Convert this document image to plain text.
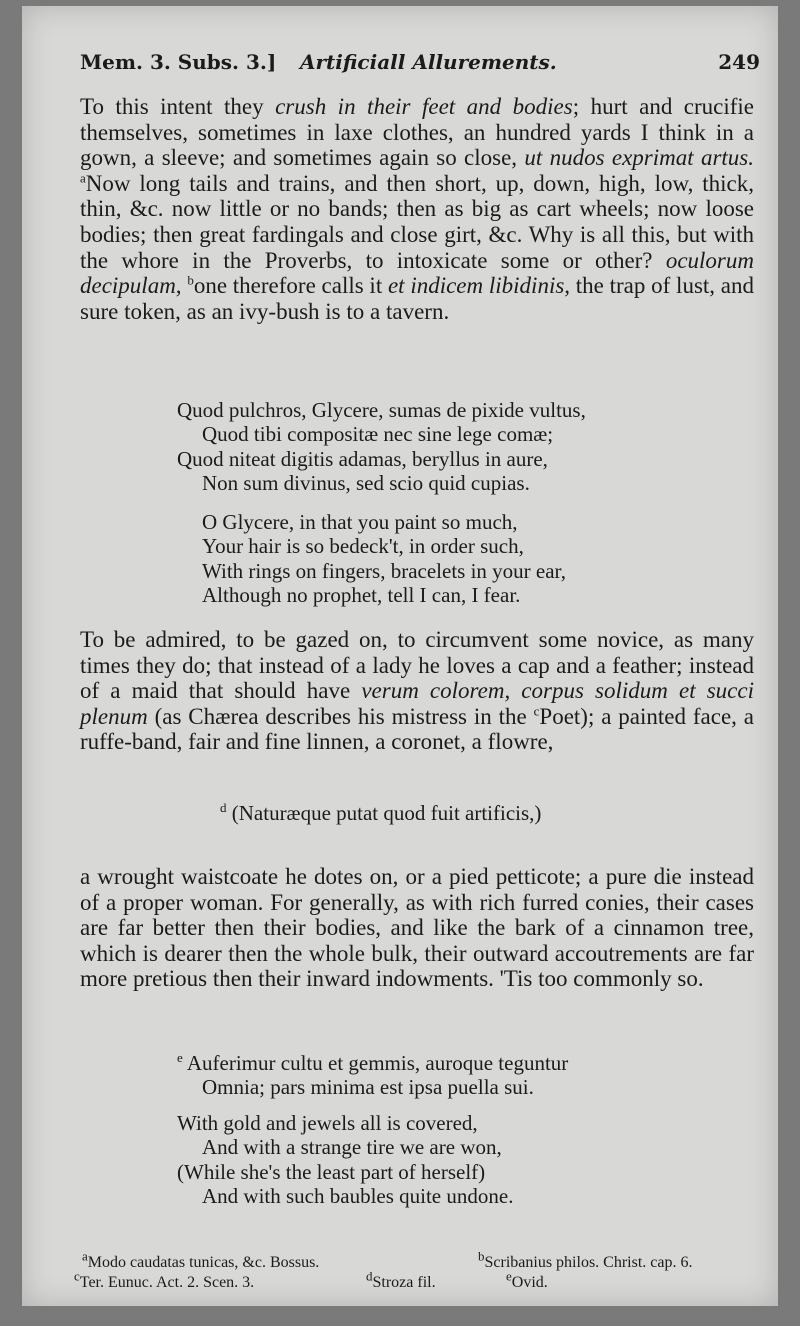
Mem. 3. Subs. 3.] Artificiall Allurements.	249
To this intent they crush in their feet and bodies; hurt and crucifie themselves, sometimes in laxe clothes, an hundred yards I think in a gown, a sleeve; and sometimes again so close, ut nudos exprimat artus. $^a$Now long tails and trains, and then short, up, down, high, low, thick, thin, &c. now little or no bands; then as big as cart wheels; now loose bodies; then great fardingals and close girt, &c. Why is all this, but with the whore in the Proverbs, to intoxicate some or other? oculorum decipulam, $^b$one therefore calls it et indicem libidinis, the trap of lust, and sure token, as an ivy-bush is to a tavern.
Quod pulchros, Glycere, sumas de pixide vultus,
Quod tibi compositæ nec sine lege comæ;
Quod niteat digitis adamas, beryllus in aure,
Non sum divinus, sed scio quid cupias.
O Glycere, in that you paint so much,
Your hair is so bedeck't, in order such,
With rings on fingers, bracelets in your ear,
Although no prophet, tell I can, I fear.
To be admired, to be gazed on, to circumvent some novice, as many times they do; that instead of a lady he loves a cap and a feather; instead of a maid that should have verum colorem, corpus solidum et succi plenum (as Chærea describes his mistress in the $^c$Poet); a painted face, a ruffe-band, fair and fine linnen, a coronet, a flowre,
$^d$ (Naturæque putat quod fuit artificis,)
a wrought waistcoate he dotes on, or a pied petticote; a pure die instead of a proper woman. For generally, as with rich furred conies, their cases are far better then their bodies, and like the bark of a cinnamon tree, which is dearer then the whole bulk, their outward accoutrements are far more pretious then their inward indowments. 'Tis too commonly so.
$^e$ Auferimur cultu et gemmis, auroque teguntur
Omnia; pars minima est ipsa puella sui.
With gold and jewels all is covered,
And with a strange tire we are won,
(While she's the least part of herself)
And with such baubles quite undone.
$^a$Modo caudatas tunicas, &c. Bossus.	$^b$Scribanius philos. Christ. cap. 6.
$^c$Ter. Eunuc. Act. 2. Scen. 3.	$^d$Stroza fil.	$^e$Ovid.
